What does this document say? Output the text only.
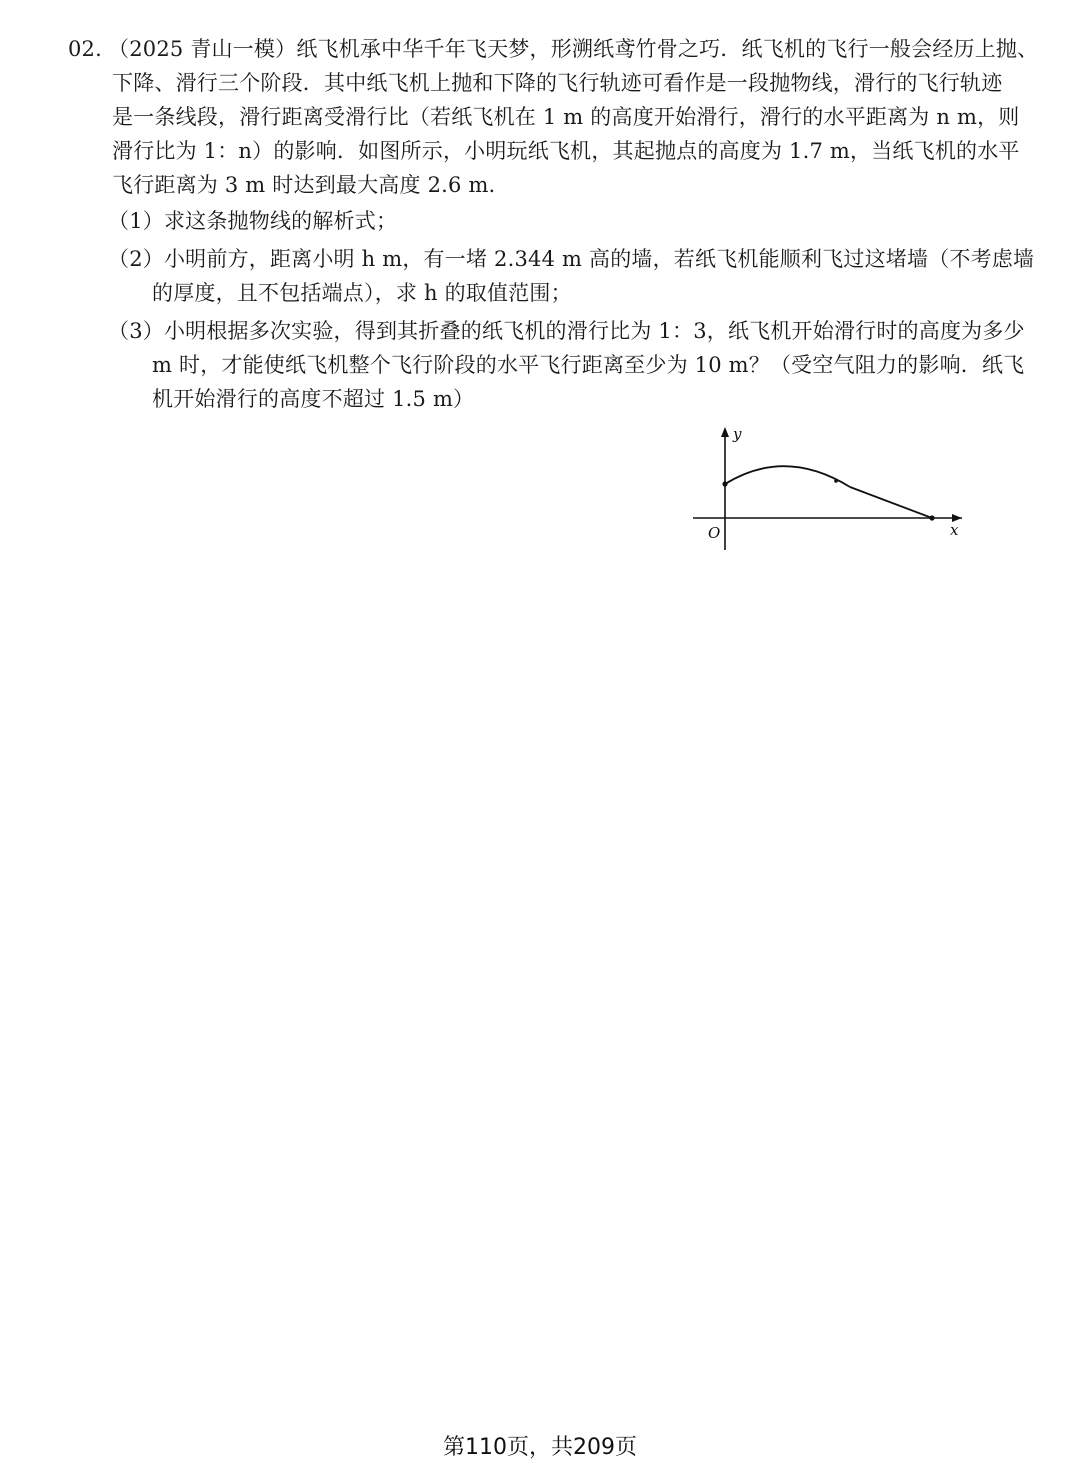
02. （2025 青山一模）纸飞机承中华千年飞天梦，形溯纸鸢竹骨之巧．纸飞机的飞行一般会经历上抛、
下降、滑行三个阶段．其中纸飞机上抛和下降的飞行轨迹可看作是一段抛物线，滑行的飞行轨迹
是一条线段，滑行距离受滑行比（若纸飞机在 1 m 的高度开始滑行，滑行的水平距离为 n m，则
滑行比为 1：n）的影响．如图所示，小明玩纸飞机，其起抛点的高度为 1.7 m，当纸飞机的水平
飞行距离为 3 m 时达到最大高度 2.6 m.
（1）求这条抛物线的解析式；
（2）小明前方，距离小明 h m，有一堵 2.344 m 高的墙，若纸飞机能顺利飞过这堵墙（不考虑墙
的厚度，且不包括端点），求 h 的取值范围；
（3）小明根据多次实验，得到其折叠的纸飞机的滑行比为 1：3，纸飞机开始滑行时的高度为多少
m 时，才能使纸飞机整个飞行阶段的水平飞行距离至少为 10 m？（受空气阻力的影响．纸飞
机开始滑行的高度不超过 1.5 m）
y
x
O
第110页，共209页
